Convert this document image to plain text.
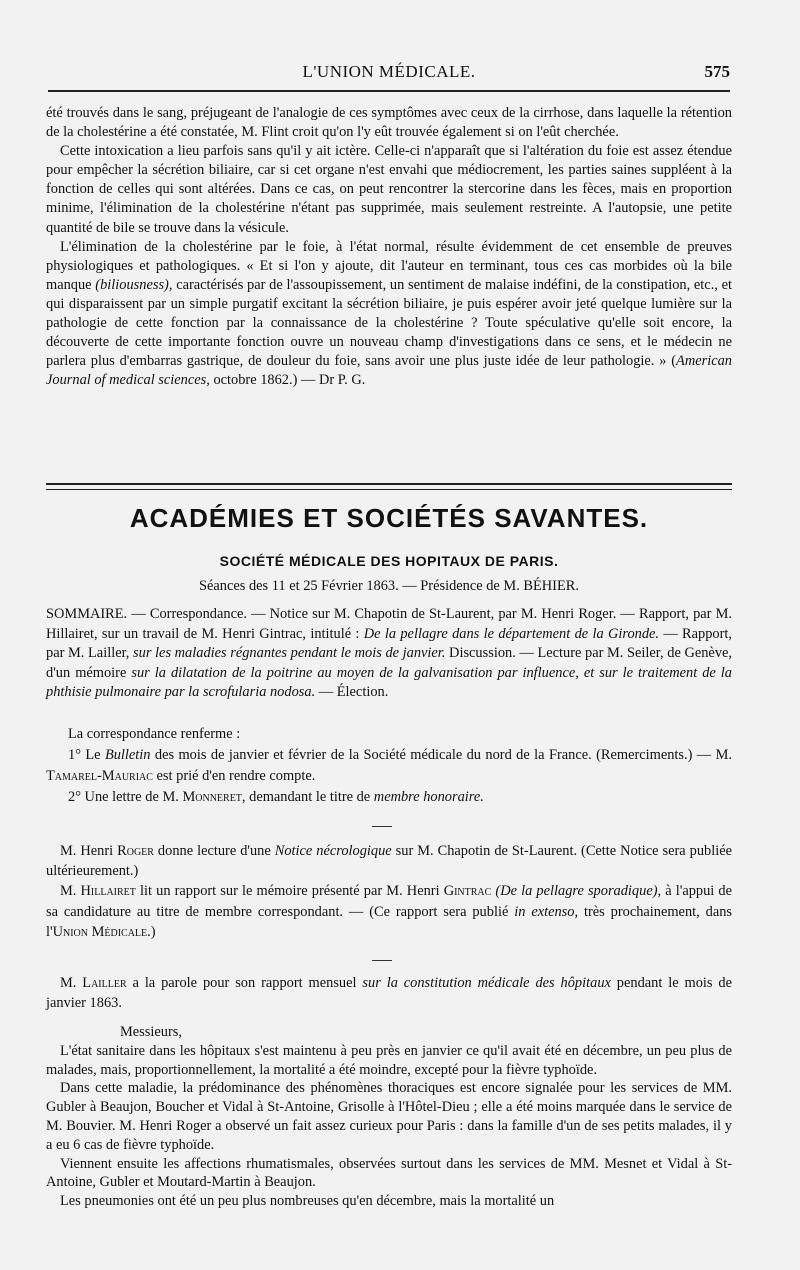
L'UNION MÉDICALE.	575

été trouvés dans le sang, préjugeant de l'analogie de ces symptômes avec ceux de la cirrhose, dans laquelle la rétention de la cholestérine a été constatée, M. Flint croit qu'on l'y eût trouvée également si on l'eût cherchée.

Cette intoxication a lieu parfois sans qu'il y ait ictère. Celle-ci n'apparaît que si l'altération du foie est assez étendue pour empêcher la sécrétion biliaire, car si cet organe n'est envahi que médiocrement, les parties saines suppléent à la fonction de celles qui sont altérées. Dans ce cas, on peut rencontrer la stercorine dans les fèces, mais en proportion minime, l'élimination de la cholestérine n'étant pas supprimée, mais seulement restreinte. A l'autopsie, une petite quantité de bile se trouve dans la vésicule.

L'élimination de la cholestérine par le foie, à l'état normal, résulte évidemment de cet ensemble de preuves physiologiques et pathologiques. « Et si l'on y ajoute, dit l'auteur en terminant, tous ces cas morbides où la bile manque (biliousness), caractérisés par de l'assoupissement, un sentiment de malaise indéfini, de la constipation, etc., et qui disparaissent par un simple purgatif excitant la sécrétion biliaire, je puis espérer avoir jeté quelque lumière sur la pathologie de cette fonction par la connaissance de la cholestérine ? Toute spéculative qu'elle soit encore, la découverte de cette importante fonction ouvre un nouveau champ d'investigations dans ce sens, et le médecin ne parlera plus d'embarras gastrique, de douleur du foie, sans avoir une plus juste idée de leur pathologie. » (American Journal of medical sciences, octobre 1862.) — Dr P. G.

ACADÉMIES ET SOCIÉTÉS SAVANTES.
SOCIÉTÉ MÉDICALE DES HOPITAUX DE PARIS.
Séances des 11 et 25 Février 1863. — Présidence de M. BÉHIER.

SOMMAIRE. — Correspondance. — Notice sur M. Chapotin de St-Laurent, par M. Henri Roger. — Rapport, par M. Hillairet, sur un travail de M. Henri Gintrac, intitulé : De la pellagre dans le département de la Gironde. — Rapport, par M. Lailler, sur les maladies régnantes pendant le mois de janvier. Discussion. — Lecture par M. Seiler, de Genève, d'un mémoire sur la dilatation de la poitrine au moyen de la galvanisation par influence, et sur le traitement de la phthisie pulmonaire par la scrofularia nodosa. — Élection.

La correspondance renferme :

1° Le Bulletin des mois de janvier et février de la Société médicale du nord de la France. (Remerciments.) — M. Tamarel-Mauriac est prié d'en rendre compte.

2° Une lettre de M. Monneret, demandant le titre de membre honoraire.

M. Henri Roger donne lecture d'une Notice nécrologique sur M. Chapotin de St-Laurent. (Cette Notice sera publiée ultérieurement.)

M. Hillairet lit un rapport sur le mémoire présenté par M. Henri Gintrac (De la pellagre sporadique), à l'appui de sa candidature au titre de membre correspondant. — (Ce rapport sera publié in extenso, très prochainement, dans l'Union Médicale.)

M. Lailler a la parole pour son rapport mensuel sur la constitution médicale des hôpitaux pendant le mois de janvier 1863.

Messieurs,

L'état sanitaire dans les hôpitaux s'est maintenu à peu près en janvier ce qu'il avait été en décembre, un peu plus de malades, mais, proportionnellement, la mortalité a été moindre, excepté pour la fièvre typhoïde.

Dans cette maladie, la prédominance des phénomènes thoraciques est encore signalée pour les services de MM. Gubler à Beaujon, Boucher et Vidal à St-Antoine, Grisolle à l'Hôtel-Dieu ; elle a été moins marquée dans le service de M. Bouvier. M. Henri Roger a observé un fait assez curieux pour Paris : dans la famille d'un de ses petits malades, il y a eu 6 cas de fièvre typhoïde.

Viennent ensuite les affections rhumatismales, observées surtout dans les services de MM. Mesnet et Vidal à St-Antoine, Gubler et Moutard-Martin à Beaujon.

Les pneumonies ont été un peu plus nombreuses qu'en décembre, mais la mortalité un
